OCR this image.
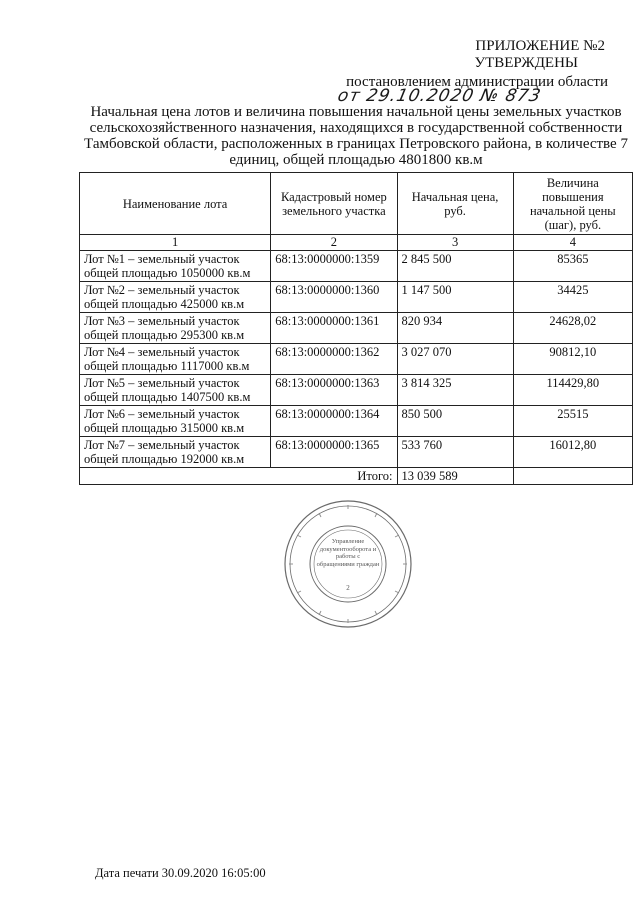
ПРИЛОЖЕНИЕ №2
УТВЕРЖДЕНЫ
постановлением администрации области
от 29.10.2020 № 873
Начальная цена лотов и величина повышения начальной цены земельных участков сельскохозяйственного назначения, находящихся в государственной собственности Тамбовской области, расположенных в границах Петровского района, в количестве 7 единиц, общей площадью 4801800 кв.м
Наименование лота	Кадастровый номер земельного участка	Начальная цена, руб.	Величина повышения начальной цены (шаг), руб.
1	2	3	4
Лот №1 – земельный участок общей площадью 1050000 кв.м	68:13:0000000:1359	2 845 500	85365
Лот №2 – земельный участок общей площадью 425000 кв.м	68:13:0000000:1360	1 147 500	34425
Лот №3 – земельный участок общей площадью 295300 кв.м	68:13:0000000:1361	820 934	24628,02
Лот №4 – земельный участок общей площадью 1117000 кв.м	68:13:0000000:1362	3 027 070	90812,10
Лот №5 – земельный участок общей площадью 1407500 кв.м	68:13:0000000:1363	3 814 325	114429,80
Лот №6 – земельный участок общей площадью 315000 кв.м	68:13:0000000:1364	850 500	25515
Лот №7 – земельный участок общей площадью 192000 кв.м	68:13:0000000:1365	533 760	16012,80
Итого:		13 039 589	
Управление документооборота и работы с обращениями граждан
2
Дата печати 30.09.2020 16:05:00
